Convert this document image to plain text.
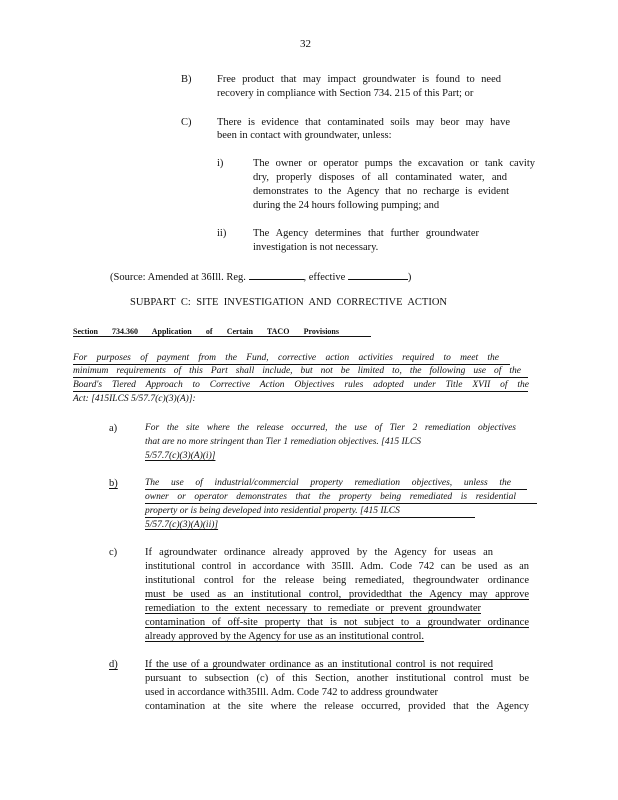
32
B) Free product that may impact groundwater is found to need
recovery in compliance with Section 734. 215 of this Part; or
C) There is evidence that contaminated soils may beor may have
been in contact with groundwater, unless:
i)	The owner or operator pumps the excavation or tank cavity
dry, properly disposes of all contaminated water, and
demonstrates to the Agency that no recharge is evident
during the 24 hours following pumping; and
ii)	The Agency determines that further groundwater
investigation is not necessary.
(Source: Amended at 36Ill. Reg.	, effective	)
SUBPART C: SITE INVESTIGATION AND CORRECTIVE ACTION
Section 734.360 Application of Certain TACO Provisions
For purposes of payment from the Fund, corrective action activities required to meet the
minimum requirements of this Part shall include, but not be limited to, the following use of the
Board's Tiered Approach to Corrective Action Objectives rules adopted under Title XVII of the
Act: [415ILCS 5/57.7(c)(3)(A)]:
a)	For the site where the release occurred, the use of Tier 2 remediation objectives
that are no more stringent than Tier 1 remediation objectives. [415 ILCS
5/57.7(c)(3)(A)(i)]
b)	The use of industrial/commercial property remediation objectives, unless the
owner or operator demonstrates that the property being remediated is residential
property or is being developed into residential property. [415 ILCS
5/57.7(c)(3)(A)(ii)]
c)	If agroundwater ordinance already approved by the Agency for useas an
institutional control in accordance with 35Ill. Adm. Code 742 can be used as an
institutional control for the release being remediated, thegroundwater ordinance
must be used as an institutional control, providedthat the Agency may approve
remediation to the extent necessary to remediate or prevent groundwater
contamination of off-site property that is not subject to a groundwater ordinance
already approved by the Agency for use as an institutional control.
d)	If the use of a groundwater ordinance as an institutional control is not required
pursuant to subsection (c) of this Section, another institutional control must be
used in accordance with35Ill. Adm. Code 742 to address groundwater
contamination at the site where the release occurred, provided that the Agency
